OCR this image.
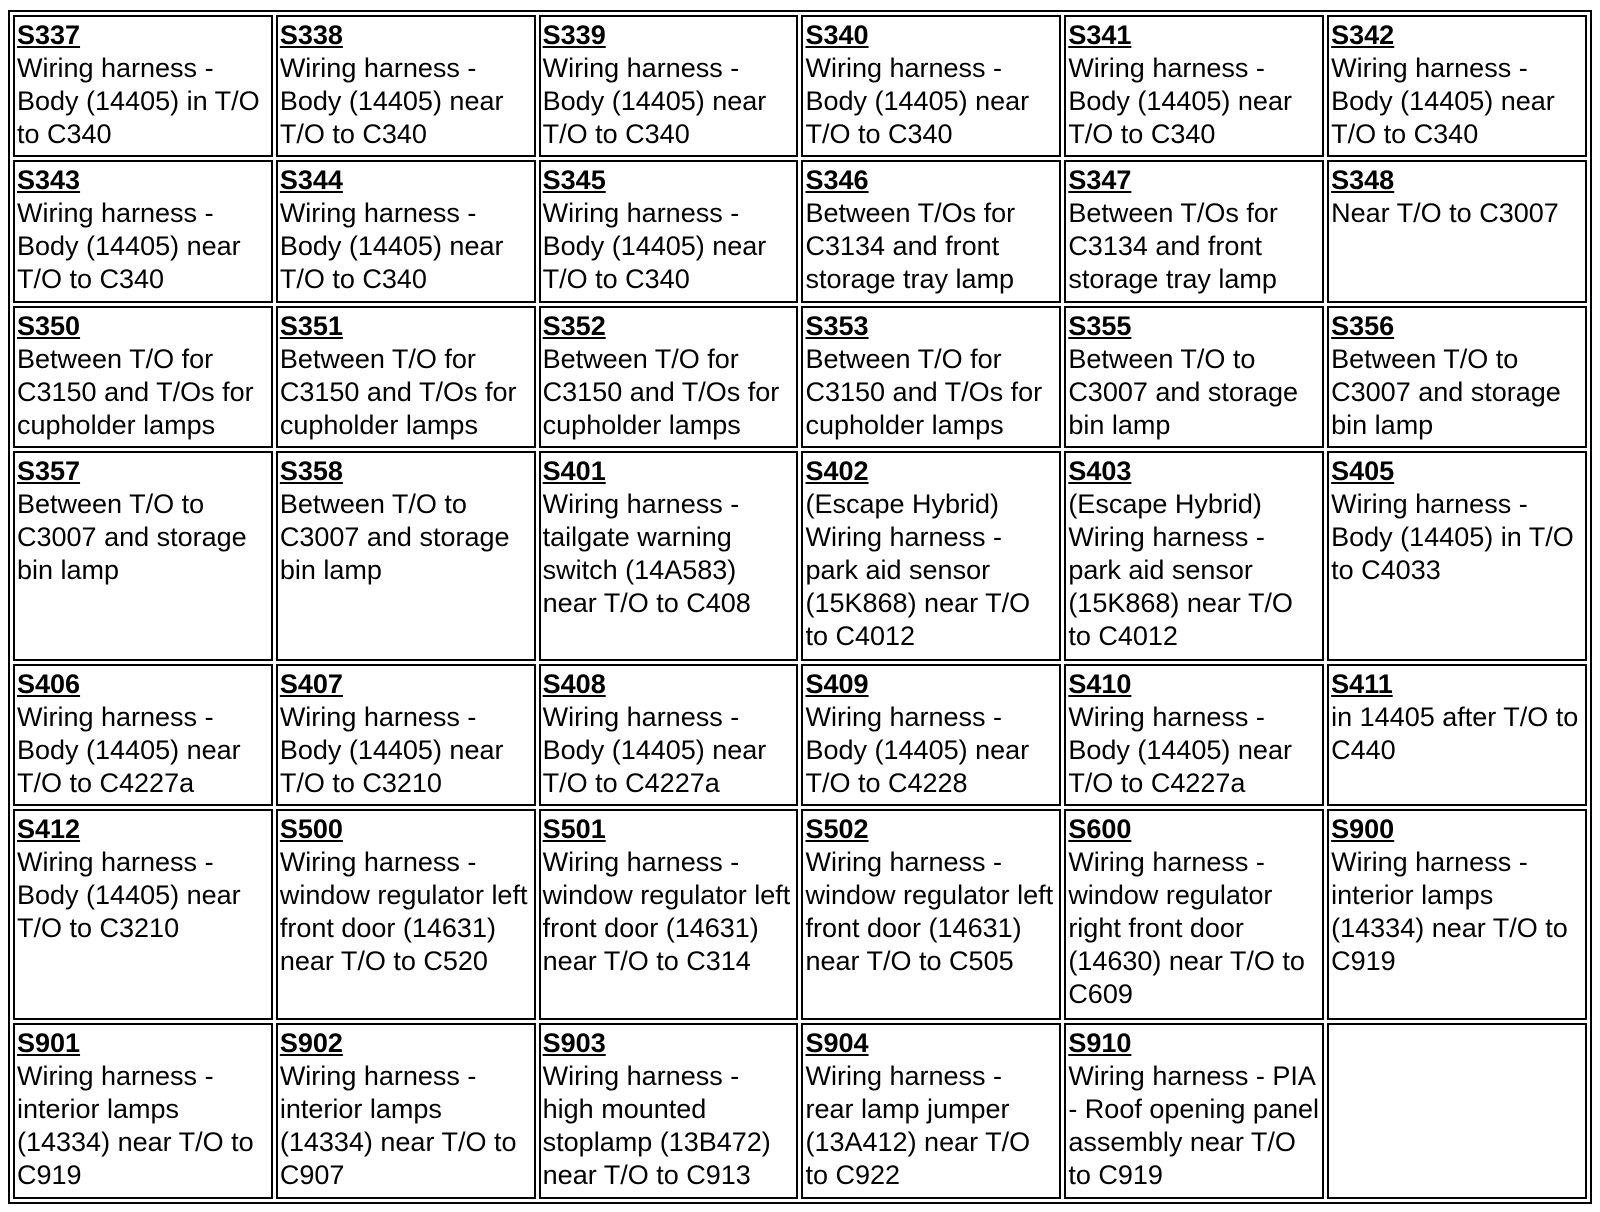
S337
Wiring harness - Body (14405) in T/O to C340	S338
Wiring harness - Body (14405) near T/O to C340	S339
Wiring harness - Body (14405) near T/O to C340	S340
Wiring harness - Body (14405) near T/O to C340	S341
Wiring harness - Body (14405) near T/O to C340	S342
Wiring harness - Body (14405) near T/O to C340

S343
Wiring harness - Body (14405) near T/O to C340	S344
Wiring harness - Body (14405) near T/O to C340	S345
Wiring harness - Body (14405) near T/O to C340	S346
Between T/Os for C3134 and front storage tray lamp	S347
Between T/Os for C3134 and front storage tray lamp	S348
Near T/O to C3007

S350
Between T/O for C3150 and T/Os for cupholder lamps	S351
Between T/O for C3150 and T/Os for cupholder lamps	S352
Between T/O for C3150 and T/Os for cupholder lamps	S353
Between T/O for C3150 and T/Os for cupholder lamps	S355
Between T/O to C3007 and storage bin lamp	S356
Between T/O to C3007 and storage bin lamp

S357
Between T/O to C3007 and storage bin lamp	S358
Between T/O to C3007 and storage bin lamp	S401
Wiring harness - tailgate warning switch (14A583) near T/O to C408	S402
(Escape Hybrid) Wiring harness - park aid sensor (15K868) near T/O to C4012	S403
(Escape Hybrid) Wiring harness - park aid sensor (15K868) near T/O to C4012	S405
Wiring harness - Body (14405) in T/O to C4033

S406
Wiring harness - Body (14405) near T/O to C4227a	S407
Wiring harness - Body (14405) near T/O to C3210	S408
Wiring harness - Body (14405) near T/O to C4227a	S409
Wiring harness - Body (14405) near T/O to C4228	S410
Wiring harness - Body (14405) near T/O to C4227a	S411
in 14405 after T/O to C440

S412
Wiring harness - Body (14405) near T/O to C3210	S500
Wiring harness - window regulator left front door (14631) near T/O to C520	S501
Wiring harness - window regulator left front door (14631) near T/O to C314	S502
Wiring harness - window regulator left front door (14631) near T/O to C505	S600
Wiring harness - window regulator right front door (14630) near T/O to C609	S900
Wiring harness - interior lamps (14334) near T/O to C919

S901
Wiring harness - interior lamps (14334) near T/O to C919	S902
Wiring harness - interior lamps (14334) near T/O to C907	S903
Wiring harness - high mounted stoplamp (13B472) near T/O to C913	S904
Wiring harness - rear lamp jumper (13A412) near T/O to C922	S910
Wiring harness - PIA - Roof opening panel assembly near T/O to C919	
